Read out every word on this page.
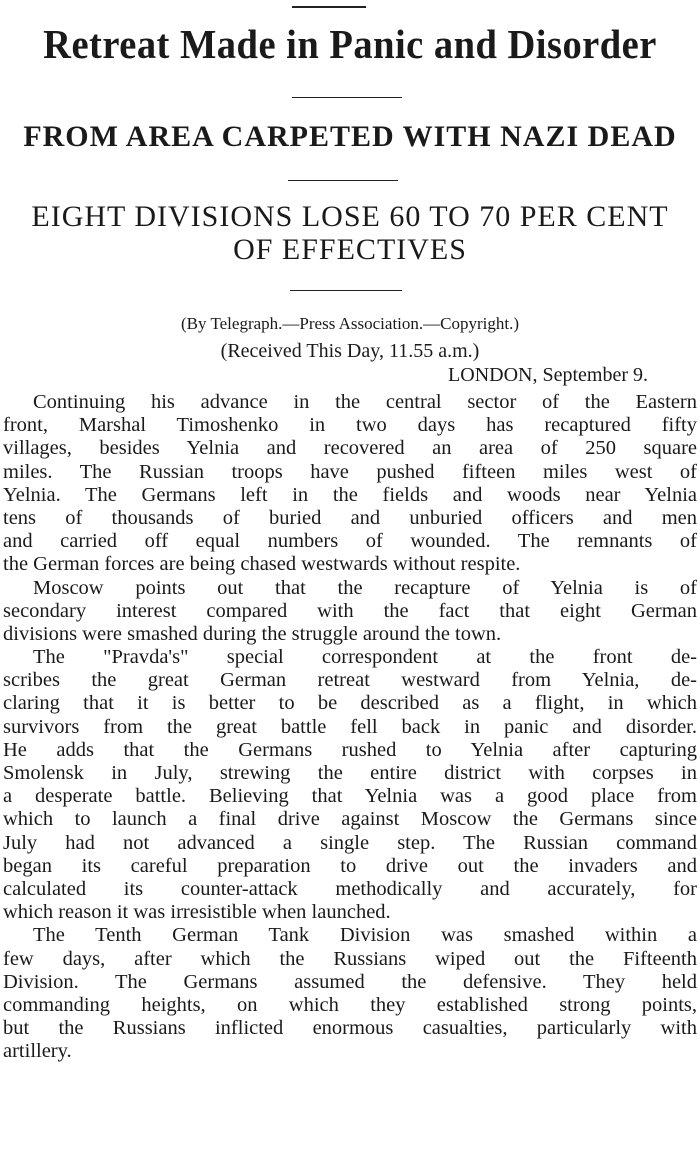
Retreat Made in Panic and Disorder
FROM AREA CARPETED WITH NAZI DEAD
EIGHT DIVISIONS LOSE 60 TO 70 PER CENT
OF EFFECTIVES
(By Telegraph.—Press Association.—Copyright.)
(Received This Day, 11.55 a.m.)
LONDON, September 9.
Continuing his advance in the central sector of the Eastern
front, Marshal Timoshenko in two days has recaptured fifty
villages, besides Yelnia and recovered an area of 250 square
miles. The Russian troops have pushed fifteen miles west of
Yelnia. The Germans left in the fields and woods near Yelnia
tens of thousands of buried and unburied officers and men
and carried off equal numbers of wounded. The remnants of
the German forces are being chased westwards without respite.
Moscow points out that the recapture of Yelnia is of
secondary interest compared with the fact that eight German
divisions were smashed during the struggle around the town.
The "Pravda's" special correspondent at the front de-
scribes the great German retreat westward from Yelnia, de-
claring that it is better to be described as a flight, in which
survivors from the great battle fell back in panic and disorder.
He adds that the Germans rushed to Yelnia after capturing
Smolensk in July, strewing the entire district with corpses in
a desperate battle. Believing that Yelnia was a good place from
which to launch a final drive against Moscow the Germans since
July had not advanced a single step. The Russian command
began its careful preparation to drive out the invaders and
calculated its counter-attack methodically and accurately, for
which reason it was irresistible when launched.
The Tenth German Tank Division was smashed within a
few days, after which the Russians wiped out the Fifteenth
Division. The Germans assumed the defensive. They held
commanding heights, on which they established strong points,
but the Russians inflicted enormous casualties, particularly with
artillery.
